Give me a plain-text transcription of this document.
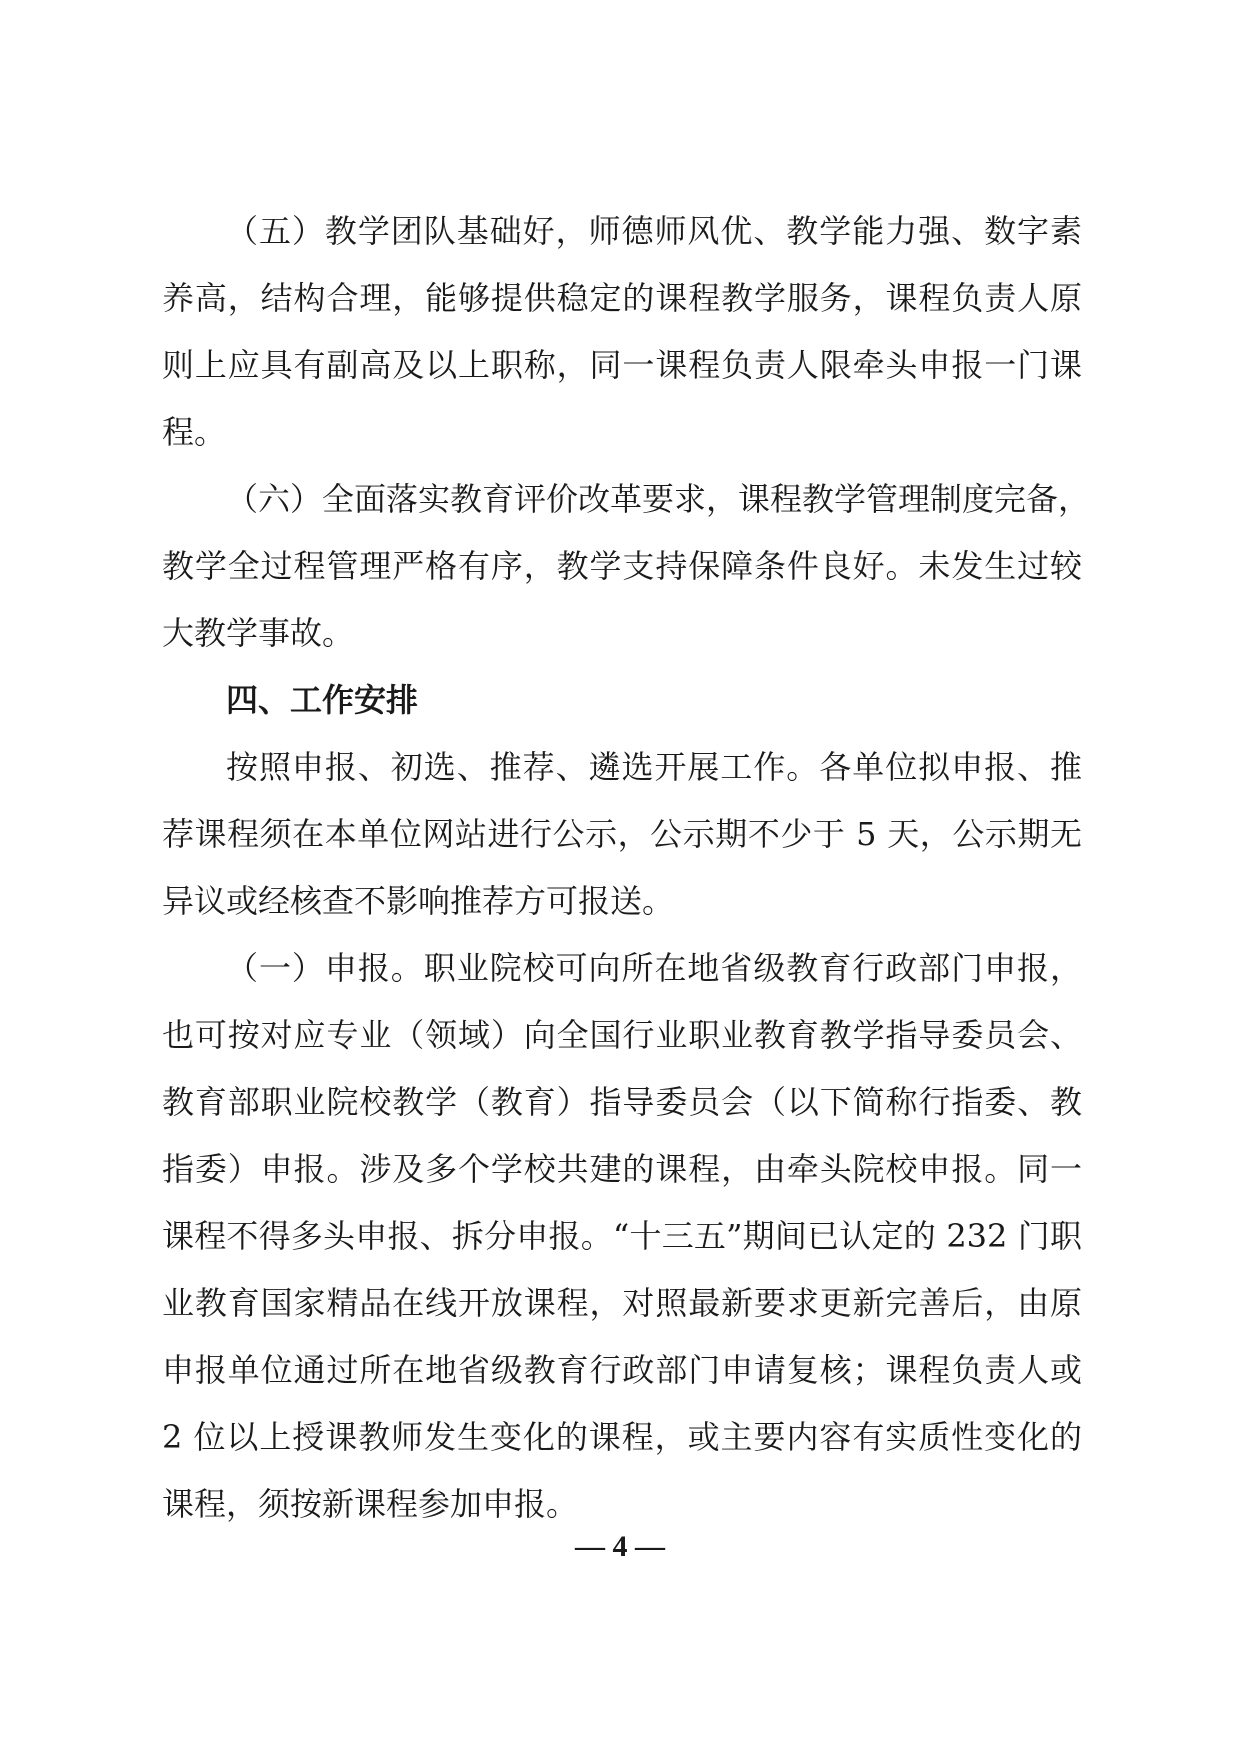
（五）教学团队基础好，师德师风优、教学能力强、数字素
养高，结构合理，能够提供稳定的课程教学服务，课程负责人原
则上应具有副高及以上职称，同一课程负责人限牵头申报一门课
程。
（六）全面落实教育评价改革要求，课程教学管理制度完备，
教学全过程管理严格有序，教学支持保障条件良好。未发生过较
大教学事故。
四、工作安排
按照申报、初选、推荐、遴选开展工作。各单位拟申报、推
荐课程须在本单位网站进行公示，公示期不少于 5 天，公示期无
异议或经核查不影响推荐方可报送。
（一）申报。职业院校可向所在地省级教育行政部门申报，
也可按对应专业（领域）向全国行业职业教育教学指导委员会、
教育部职业院校教学（教育）指导委员会（以下简称行指委、教
指委）申报。涉及多个学校共建的课程，由牵头院校申报。同一
课程不得多头申报、拆分申报。“十三五”期间已认定的 232 门职
业教育国家精品在线开放课程，对照最新要求更新完善后，由原
申报单位通过所在地省级教育行政部门申请复核；课程负责人或
2 位以上授课教师发生变化的课程，或主要内容有实质性变化的
课程，须按新课程参加申报。
— 4 —
